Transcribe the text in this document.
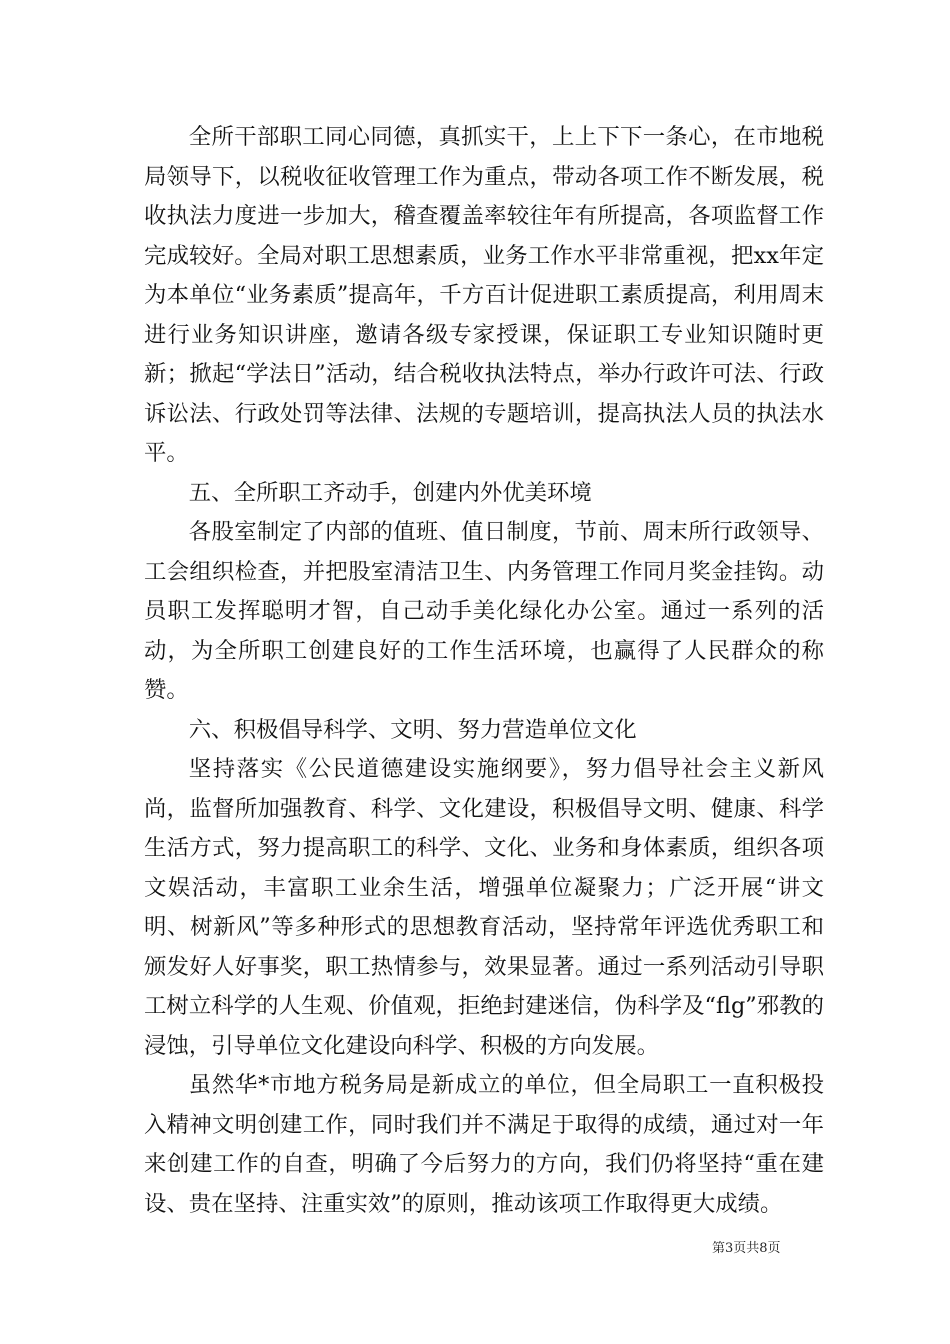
全所干部职工同心同德，真抓实干，上上下下一条心，在市地税局领导下，以税收征收管理工作为重点，带动各项工作不断发展，税收执法力度进一步加大，稽查覆盖率较往年有所提高，各项监督工作完成较好。全局对职工思想素质，业务工作水平非常重视，把xx年定为本单位“业务素质”提高年，千方百计促进职工素质提高，利用周末进行业务知识讲座，邀请各级专家授课，保证职工专业知识随时更新；掀起“学法日”活动，结合税收执法特点，举办行政许可法、行政诉讼法、行政处罚等法律、法规的专题培训，提高执法人员的执法水平。

五、全所职工齐动手，创建内外优美环境

各股室制定了内部的值班、值日制度，节前、周末所行政领导、工会组织检查，并把股室清洁卫生、内务管理工作同月奖金挂钩。动员职工发挥聪明才智，自己动手美化绿化办公室。通过一系列的活动，为全所职工创建良好的工作生活环境，也赢得了人民群众的称赞。

六、积极倡导科学、文明、努力营造单位文化

坚持落实《公民道德建设实施纲要》，努力倡导社会主义新风尚，监督所加强教育、科学、文化建设，积极倡导文明、健康、科学生活方式，努力提高职工的科学、文化、业务和身体素质，组织各项文娱活动，丰富职工业余生活，增强单位凝聚力；广泛开展“讲文明、树新风”等多种形式的思想教育活动，坚持常年评选优秀职工和颁发好人好事奖，职工热情参与，效果显著。通过一系列活动引导职工树立科学的人生观、价值观，拒绝封建迷信，伪科学及“flg”邪教的浸蚀，引导单位文化建设向科学、积极的方向发展。

虽然华*市地方税务局是新成立的单位，但全局职工一直积极投入精神文明创建工作，同时我们并不满足于取得的成绩，通过对一年来创建工作的自查，明确了今后努力的方向，我们仍将坚持“重在建设、贵在坚持、注重实效”的原则，推动该项工作取得更大成绩。

第3页共8页
